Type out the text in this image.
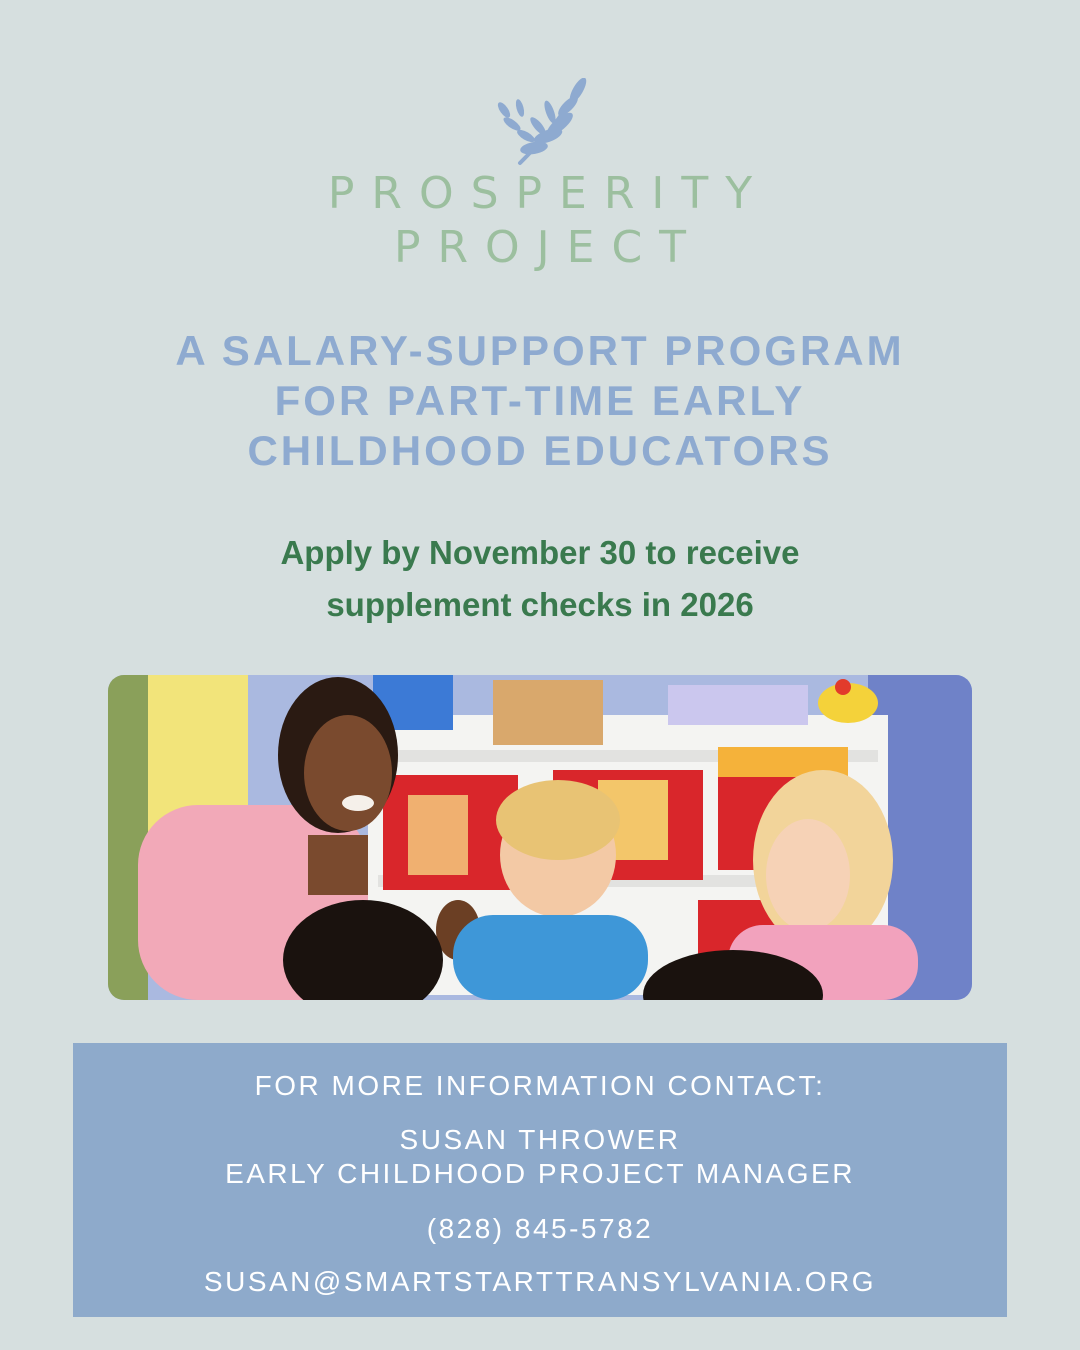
PROSPERITY
PROJECT
A SALARY-SUPPORT PROGRAM
FOR PART-TIME EARLY
CHILDHOOD EDUCATORS
Apply by November 30 to receive
supplement checks in 2026
FOR MORE INFORMATION CONTACT:
SUSAN THROWER
EARLY CHILDHOOD PROJECT MANAGER
(828) 845-5782
SUSAN@SMARTSTARTTRANSYLVANIA.ORG
